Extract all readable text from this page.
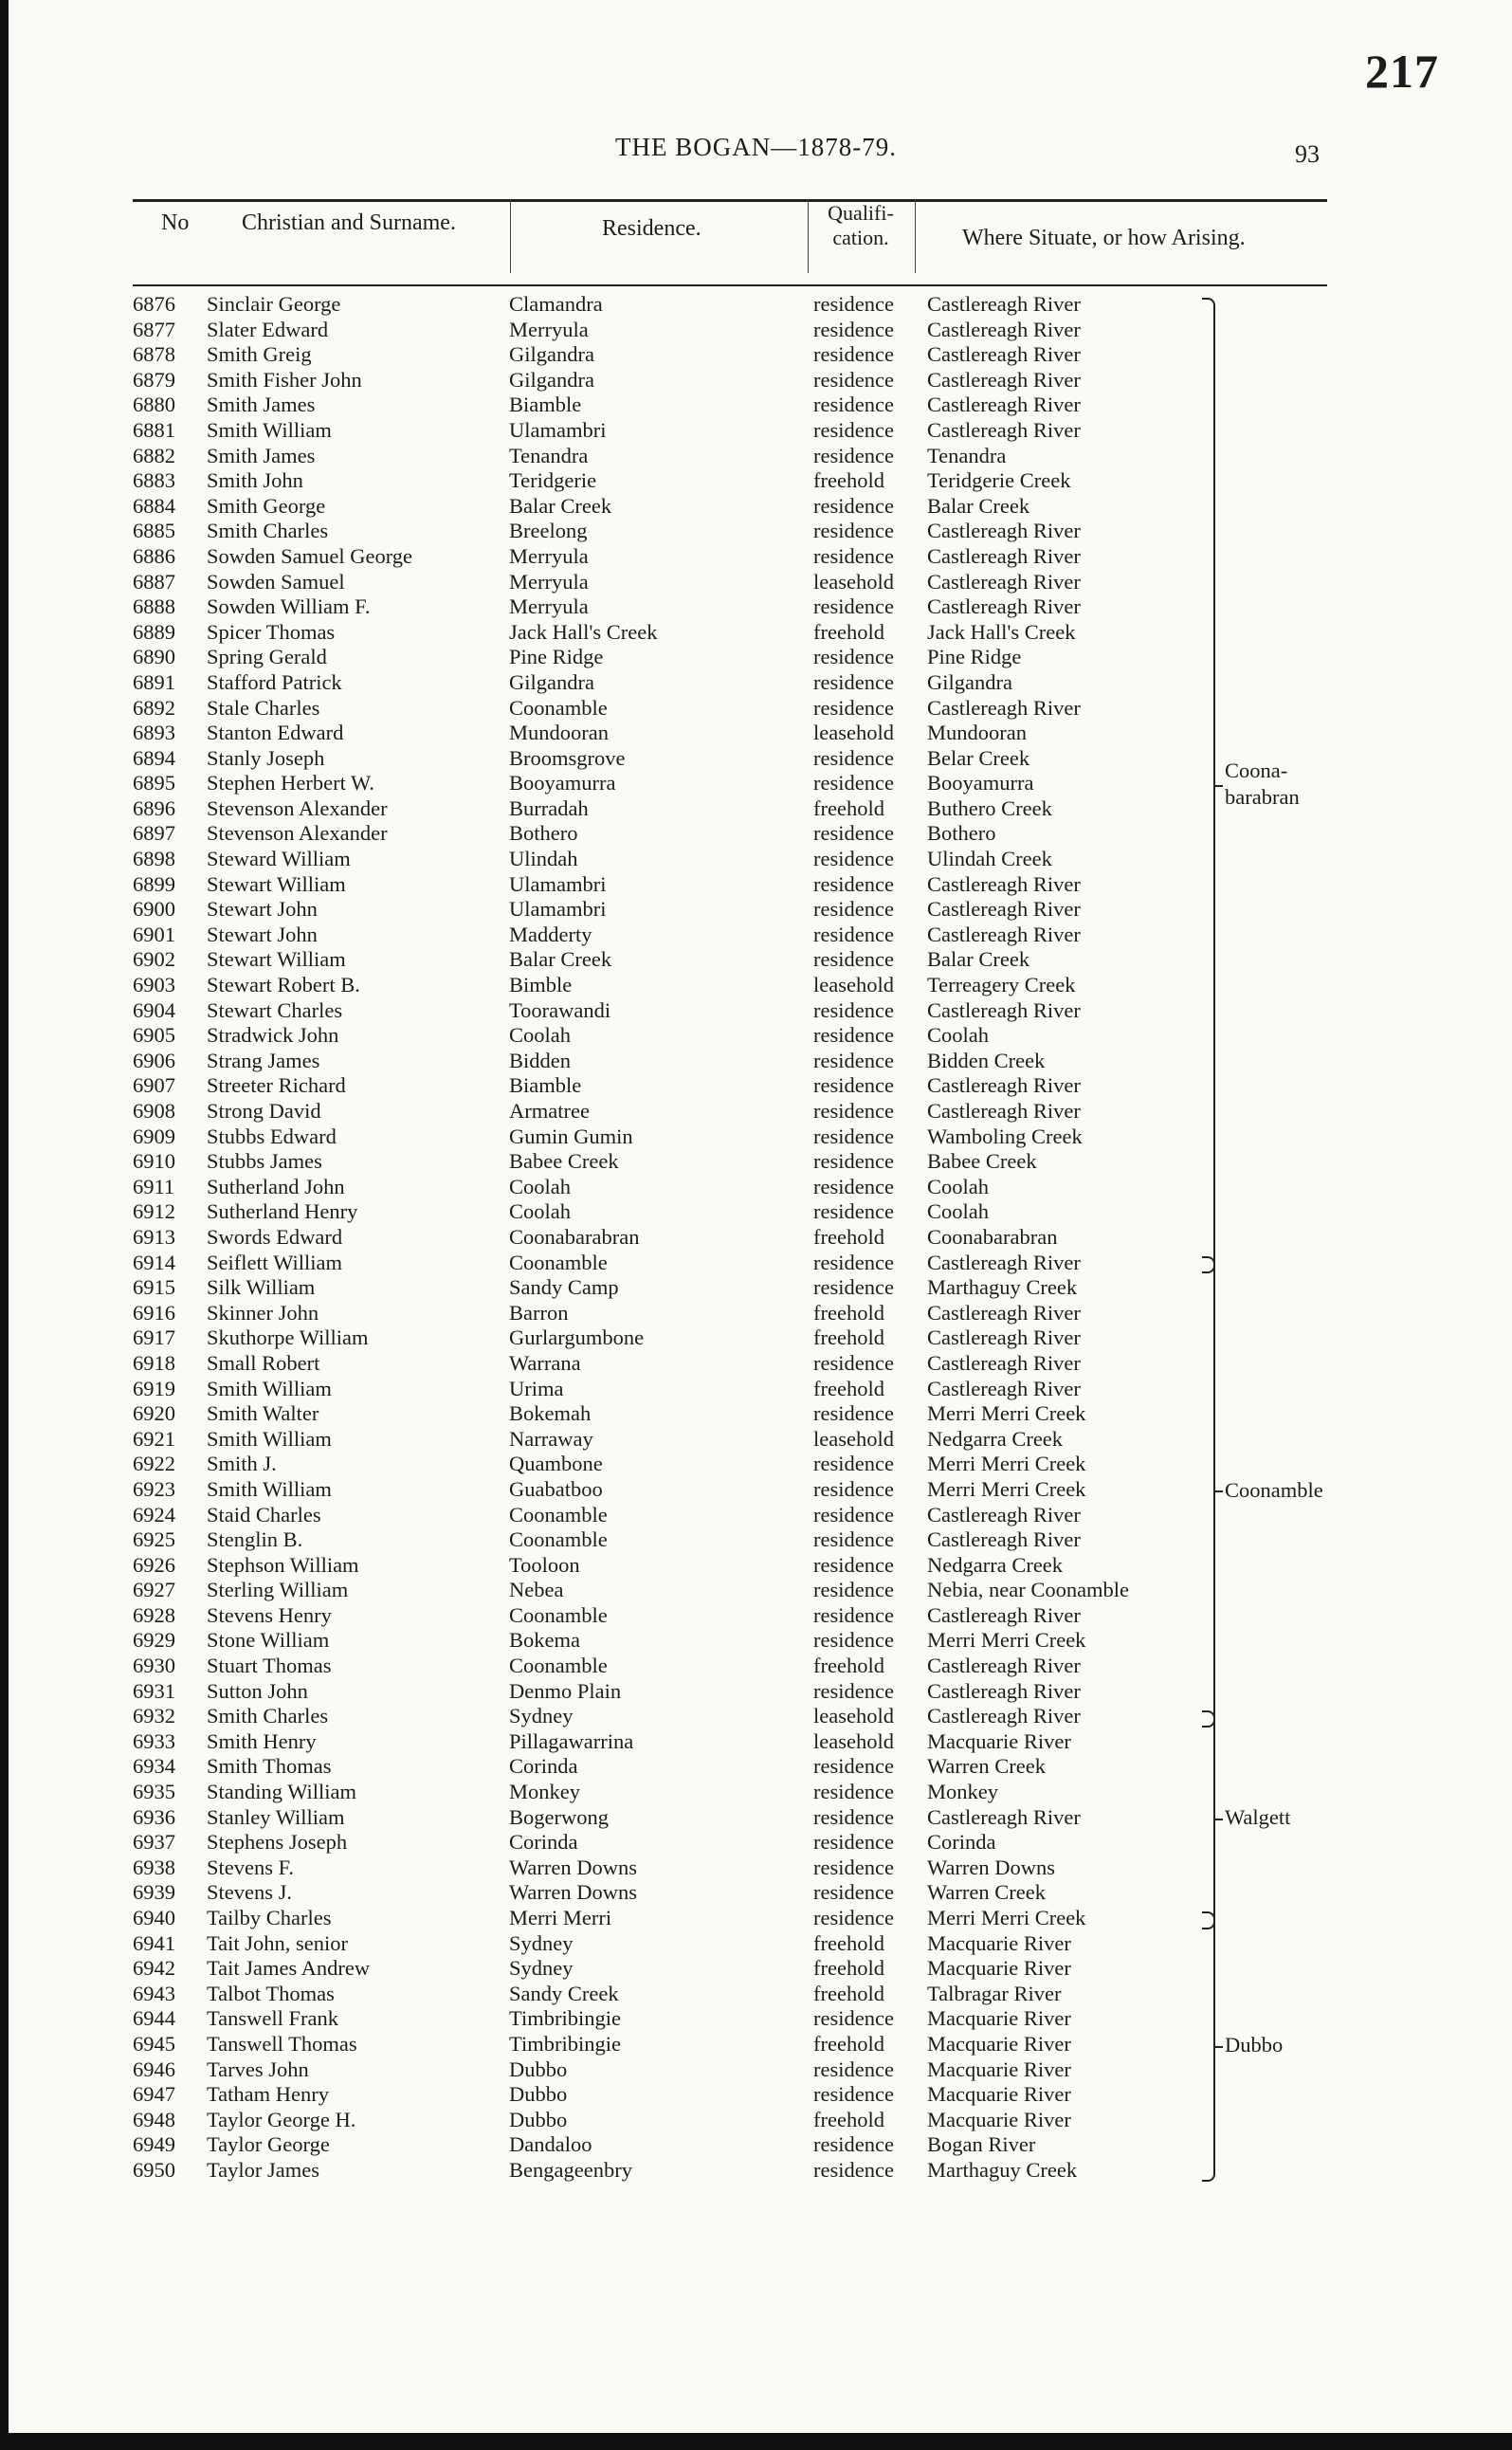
217
THE BOGAN—1878-79.	93
No Christian and Surname.	Residence.
Qualifi-
cation.	Where Situate, or how Arising.
6876 Sinclair George	Clamandra	residence Castlereagh River
6877 Slater Edward	Merryula	residence Castlereagh River
6878 Smith Greig	Gilgandra	residence Castlereagh River
6879 Smith Fisher John	Gilgandra	residence Castlereagh River
6880 Smith James	Biamble	residence Castlereagh River
6881 Smith William	Ulamambri	residence Castlereagh River
6882 Smith James	Tenandra	residence Tenandra
6883 Smith John	Teridgerie	freehold Teridgerie Creek
6884 Smith George	Balar Creek	residence Balar Creek
6885 Smith Charles	Breelong	residence Castlereagh River
6886 Sowden Samuel George	Merryula	residence Castlereagh River
6887 Sowden Samuel	Merryula	leasehold Castlereagh River
6888 Sowden William F.	Merryula	residence Castlereagh River
6889 Spicer Thomas	Jack Hall's Creek	freehold Jack Hall's Creek
6890 Spring Gerald	Pine Ridge	residence Pine Ridge
6891 Stafford Patrick	Gilgandra	residence Gilgandra
6892 Stale Charles	Coonamble	residence Castlereagh River
6893 Stanton Edward	Mundooran	leasehold Mundooran
6894 Stanly Joseph	Broomsgrove	residence Belar Creek
6895 Stephen Herbert W.	Booyamurra	residence Booyamurra
6896 Stevenson Alexander	Burradah	freehold Buthero Creek
6897 Stevenson Alexander	Bothero	residence Bothero
6898 Steward William	Ulindah	residence Ulindah Creek
6899 Stewart William	Ulamambri	residence Castlereagh River
6900 Stewart John	Ulamambri	residence Castlereagh River
6901 Stewart John	Madderty	residence Castlereagh River
6902 Stewart William	Balar Creek	residence Balar Creek
6903 Stewart Robert B.	Bimble	leasehold Terreagery Creek
6904 Stewart Charles	Toorawandi	residence Castlereagh River
6905 Stradwick John	Coolah	residence Coolah
6906 Strang James	Bidden	residence Bidden Creek
6907 Streeter Richard	Biamble	residence Castlereagh River
6908 Strong David	Armatree	residence Castlereagh River
6909 Stubbs Edward	Gumin Gumin	residence Wamboling Creek
6910 Stubbs James	Babee Creek	residence Babee Creek
6911 Sutherland John	Coolah	residence Coolah
6912 Sutherland Henry	Coolah	residence Coolah
6913 Swords Edward	Coonabarabran	freehold Coonabarabran
6914 Seiflett William	Coonamble	residence Castlereagh River
6915 Silk William	Sandy Camp	residence Marthaguy Creek
6916 Skinner John	Barron	freehold Castlereagh River
6917 Skuthorpe William	Gurlargumbone	freehold Castlereagh River
6918 Small Robert	Warrana	residence Castlereagh River
6919 Smith William	Urima	freehold Castlereagh River
6920 Smith Walter	Bokemah	residence Merri Merri Creek
6921 Smith William	Narraway	leasehold Nedgarra Creek
6922 Smith J.	Quambone	residence Merri Merri Creek
6923 Smith William	Guabatboo	residence Merri Merri Creek
6924 Staid Charles	Coonamble	residence Castlereagh River
6925 Stenglin B.	Coonamble	residence Castlereagh River
6926 Stephson William	Tooloon	residence Nedgarra Creek
6927 Sterling William	Nebea	residence Nebia, near Coonamble
6928 Stevens Henry	Coonamble	residence Castlereagh River
6929 Stone William	Bokema	residence Merri Merri Creek
6930 Stuart Thomas	Coonamble	freehold Castlereagh River
6931 Sutton John	Denmo Plain	residence Castlereagh River
6932 Smith Charles	Sydney	leasehold Castlereagh River
6933 Smith Henry	Pillagawarrina	leasehold Macquarie River
6934 Smith Thomas	Corinda	residence Warren Creek
6935 Standing William	Monkey	residence Monkey
6936 Stanley William	Bogerwong	residence Castlereagh River
6937 Stephens Joseph	Corinda	residence Corinda
6938 Stevens F.	Warren Downs	residence Warren Downs
6939 Stevens J.	Warren Downs	residence Warren Creek
6940 Tailby Charles	Merri Merri	residence Merri Merri Creek
6941 Tait John, senior	Sydney	freehold Macquarie River
6942 Tait James Andrew	Sydney	freehold Macquarie River
6943 Talbot Thomas	Sandy Creek	freehold Talbragar River
6944 Tanswell Frank	Timbribingie	residence Macquarie River
6945 Tanswell Thomas	Timbribingie	freehold Macquarie River
6946 Tarves John	Dubbo	residence Macquarie River
6947 Tatham Henry	Dubbo	residence Macquarie River
6948 Taylor George H.	Dubbo	freehold Macquarie River
6949 Taylor George	Dandaloo	residence Bogan River
6950 Taylor James	Bengageenbry	residence Marthaguy Creek
Coona-
barabran
Coonamble
Walgett
Dubbo
